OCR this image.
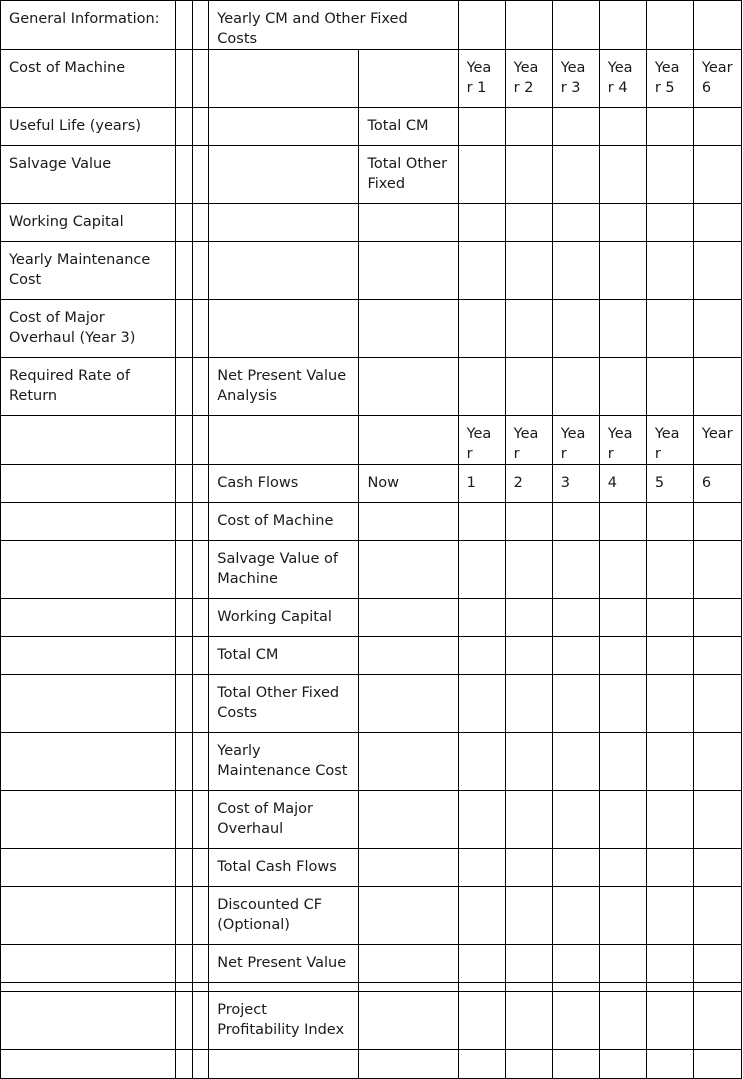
General Information:			Yearly CM and Other Fixed Costs							
Cost of Machine					Year 1	Year 2	Year 3	Year 4	Year 5	Year 6
Useful Life (years)				Total CM						
Salvage Value				Total Other Fixed						
Working Capital										
Yearly Maintenance Cost										
Cost of Major Overhaul (Year 3)										
Required Rate of Return			Net Present Value Analysis							
					Year	Year	Year	Year	Year	Year
			Cash Flows	Now	1	2	3	4	5	6
			Cost of Machine							
			Salvage Value of Machine							
			Working Capital							
			Total CM							
			Total Other Fixed Costs							
			Yearly Maintenance Cost							
			Cost of Major Overhaul							
			Total Cash Flows							
			Discounted CF (Optional)							
			Net Present Value							

			Project Profitability Index							
